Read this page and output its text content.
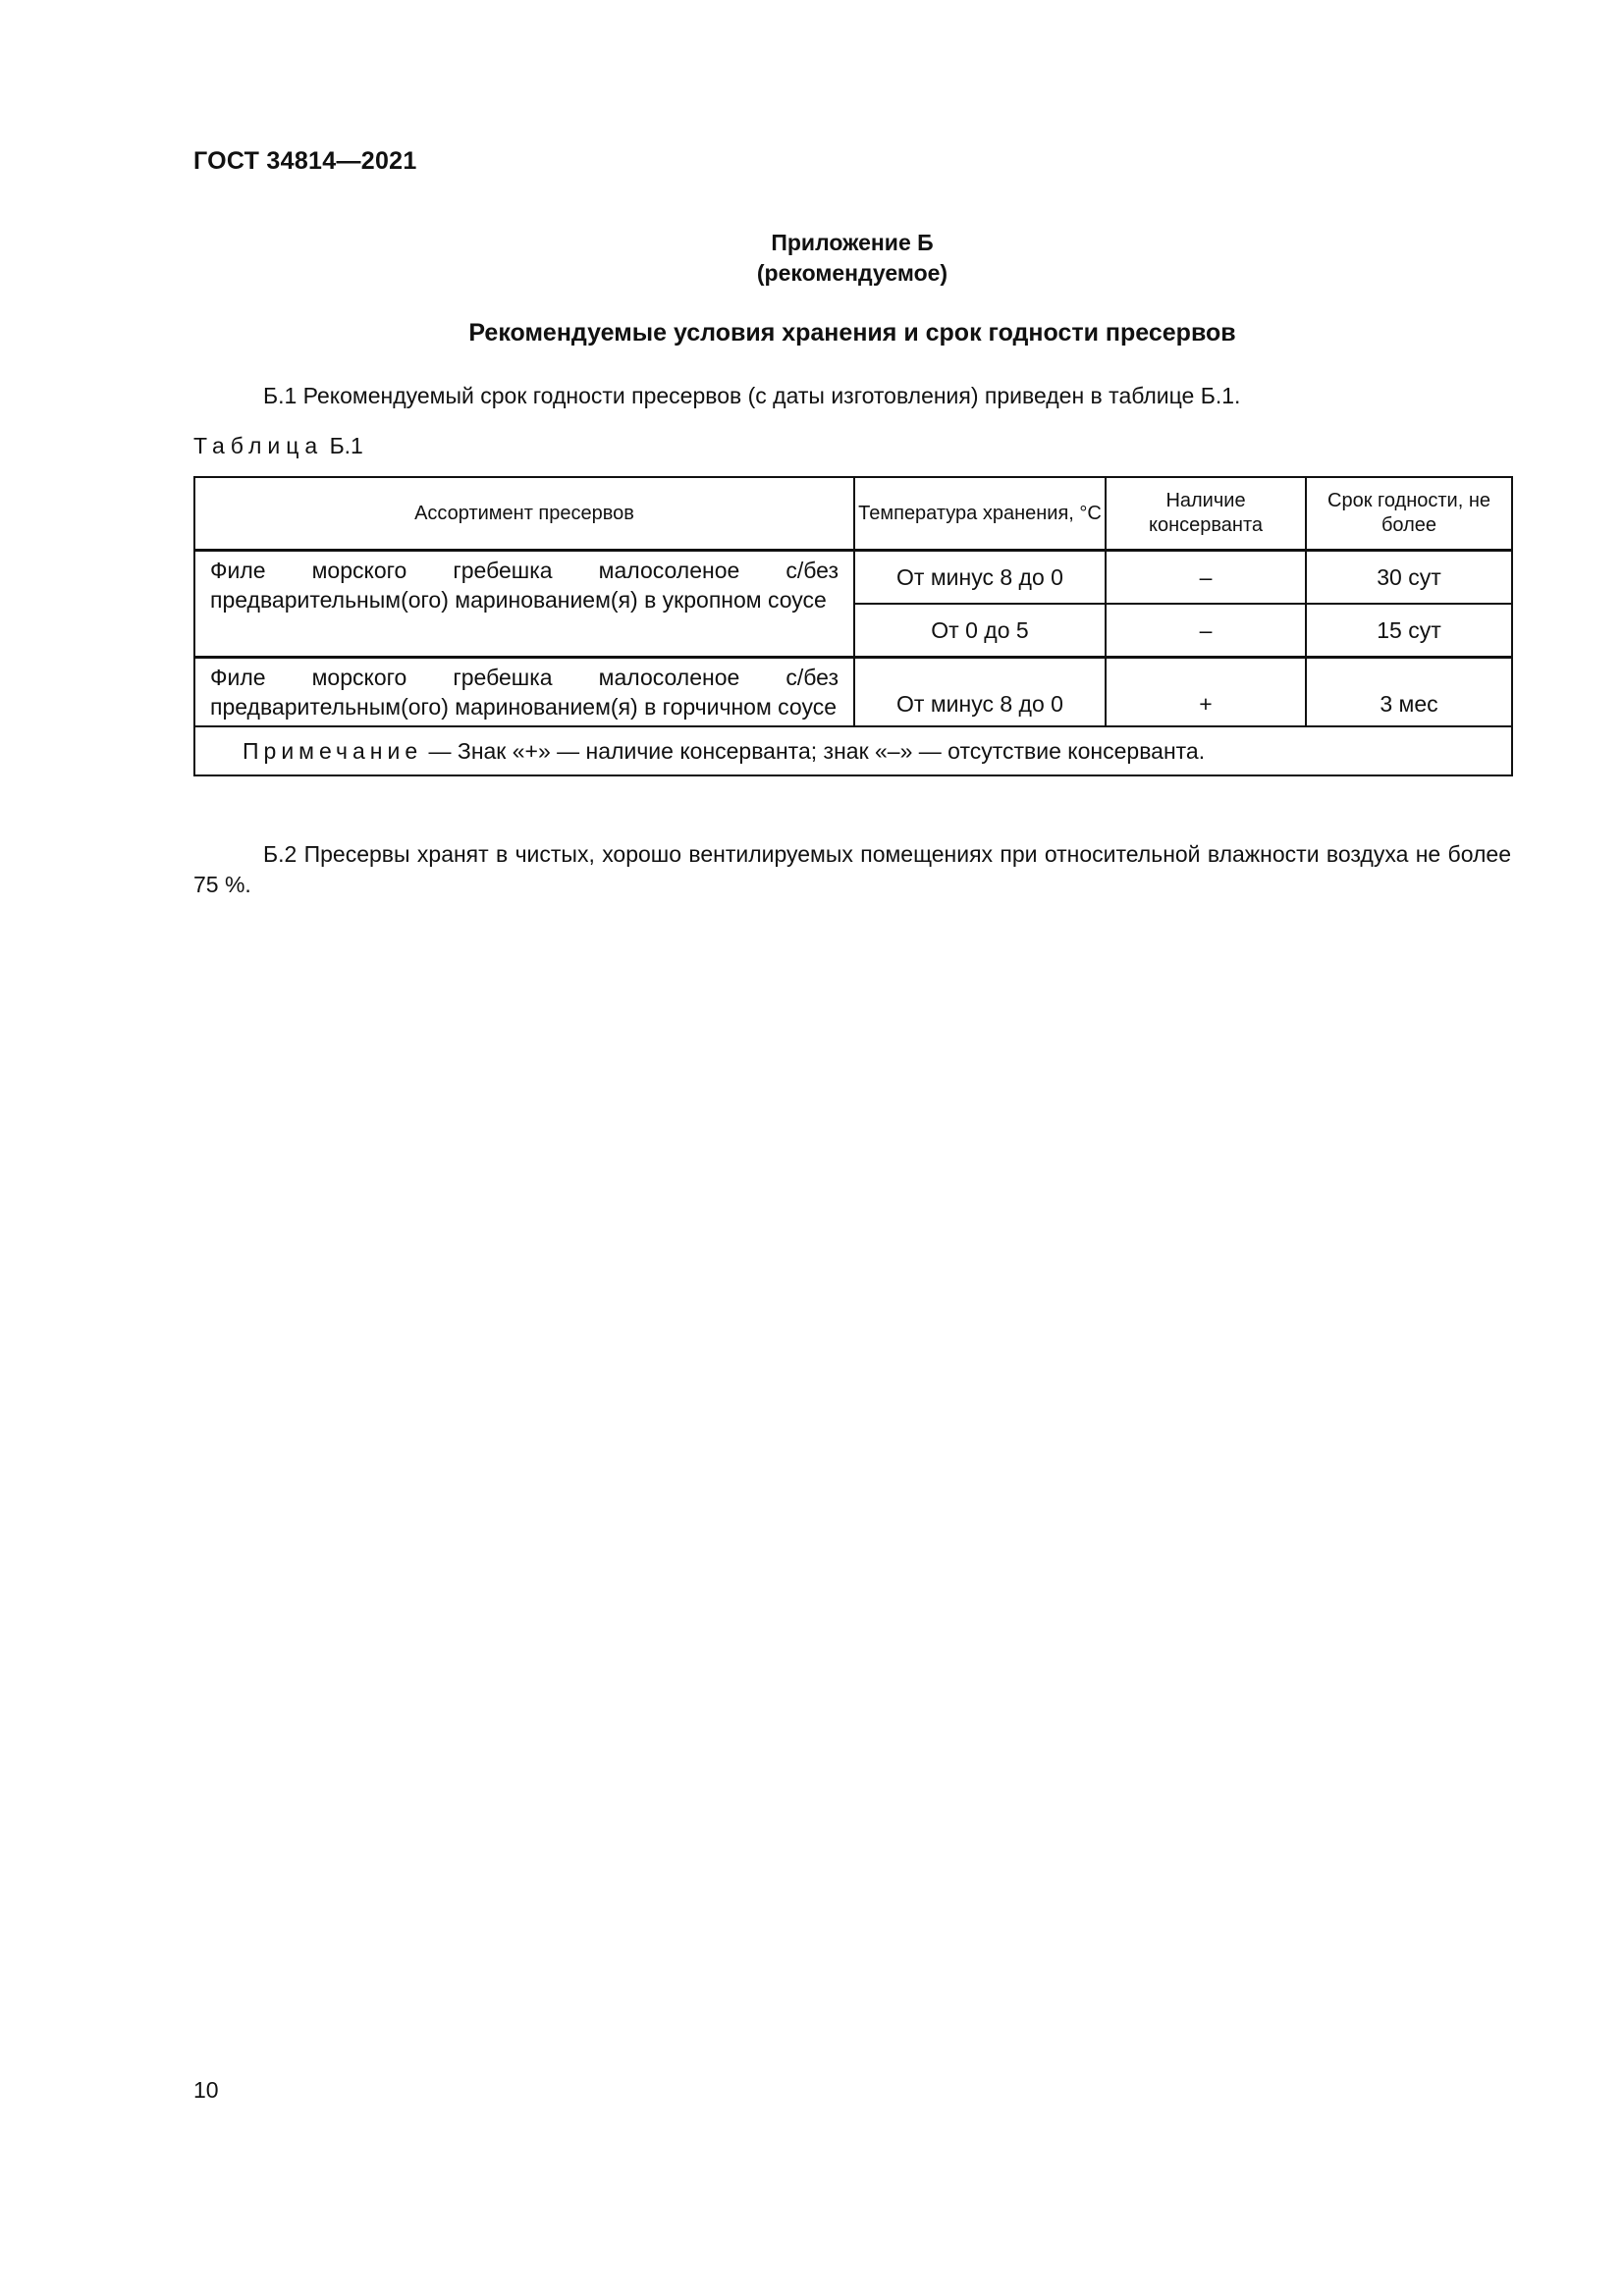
ГОСТ 34814—2021
Приложение Б
(рекомендуемое)
Рекомендуемые условия хранения и срок годности пресервов
Б.1 Рекомендуемый срок годности пресервов (с даты изготовления) приведен в таблице Б.1.
Таблица Б.1
Ассортимент пресервов	Температура хранения, °С	Наличие консерванта	Срок годности, не более
Филе морского гребешка малосоленое с/без предварительным(ого) маринованием(я) в укропном соусе	От минус 8 до 0	–	30 сут
	От 0 до 5	–	15 сут
Филе морского гребешка малосоленое с/без предварительным(ого) маринованием(я) в горчичном соусе	От минус 8 до 0	+	3 мес
Примечание — Знак «+» — наличие консерванта; знак «–» — отсутствие консерванта.			
Б.2 Пресервы хранят в чистых, хорошо вентилируемых помещениях при относительной влажности воздуха не более 75 %.
10
